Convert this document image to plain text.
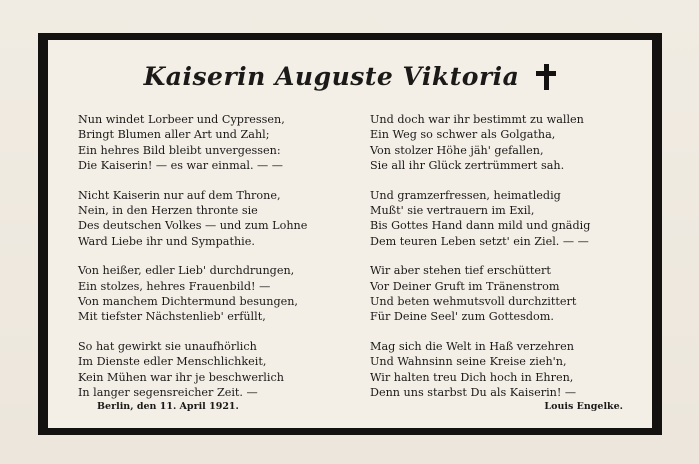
Kaiserin Auguste Viktoria
Nun windet Lorbeer und Cypressen,
Bringt Blumen aller Art und Zahl;
Ein hehres Bild bleibt unvergessen:
Die Kaiserin! — es war einmal. — —
Nicht Kaiserin nur auf dem Throne,
Nein, in den Herzen thronte sie
Des deutschen Volkes — und zum Lohne
Ward Liebe ihr und Sympathie.
Von heißer, edler Lieb' durchdrungen,
Ein stolzes, hehres Frauenbild! —
Von manchem Dichtermund besungen,
Mit tiefster Nächstenlieb' erfüllt,
So hat gewirkt sie unaufhörlich
Im Dienste edler Menschlichkeit,
Kein Mühen war ihr je beschwerlich
In langer segensreicher Zeit. —
Und doch war ihr bestimmt zu wallen
Ein Weg so schwer als Golgatha,
Von stolzer Höhe jäh' gefallen,
Sie all ihr Glück zertrümmert sah.
Und gramzerfressen, heimatledig
Mußt' sie vertrauern im Exil,
Bis Gottes Hand dann mild und gnädig
Dem teuren Leben setzt' ein Ziel. — —
Wir aber stehen tief erschüttert
Vor Deiner Gruft im Tränenstrom
Und beten wehmutsvoll durchzittert
Für Deine Seel' zum Gottesdom.
Mag sich die Welt in Haß verzehren
Und Wahnsinn seine Kreise zieh'n,
Wir halten treu Dich hoch in Ehren,
Denn uns starbst Du als Kaiserin! —
Berlin, den 11. April 1921.	Louis Engelke.
